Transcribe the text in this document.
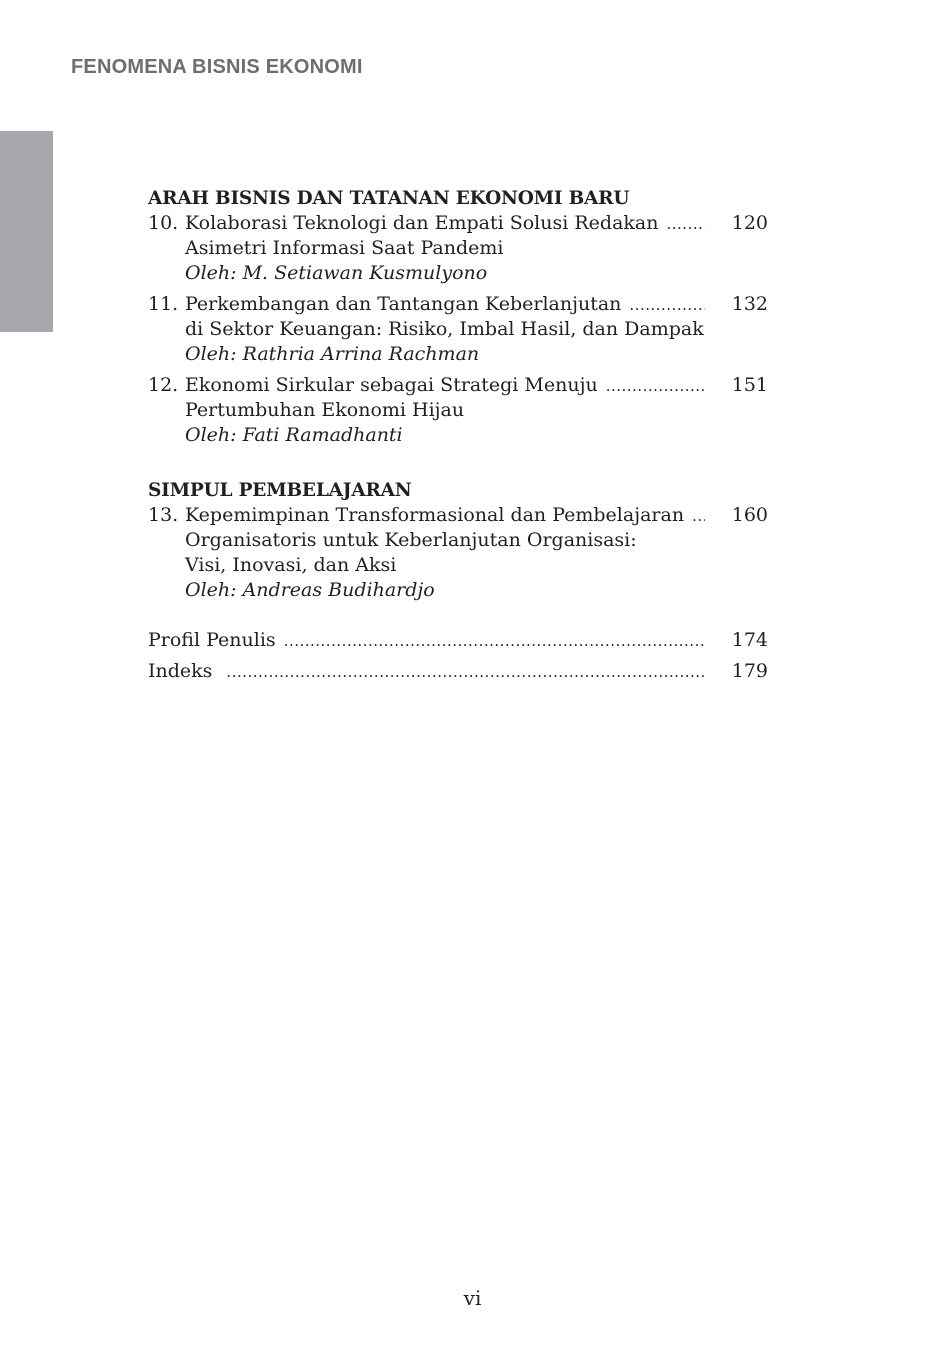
FENOMENA BISNIS EKONOMI
ARAH BISNIS DAN TATANAN EKONOMI BARU
10. Kolaborasi Teknologi dan Empati Solusi Redakan .....	120
Asimetri Informasi Saat Pandemi
Oleh: M. Setiawan Kusmulyono
11. Perkembangan dan Tantangan Keberlanjutan .....	132
di Sektor Keuangan: Risiko, Imbal Hasil, dan Dampak
Oleh: Rathria Arrina Rachman
12. Ekonomi Sirkular sebagai Strategi Menuju .....	151
Pertumbuhan Ekonomi Hijau
Oleh: Fati Ramadhanti
SIMPUL PEMBELAJARAN
13. Kepemimpinan Transformasional dan Pembelajaran .....	160
Organisatoris untuk Keberlanjutan Organisasi:
Visi, Inovasi, dan Aksi
Oleh: Andreas Budihardjo
Profil Penulis .....	174
Indeks .....	179
vi
